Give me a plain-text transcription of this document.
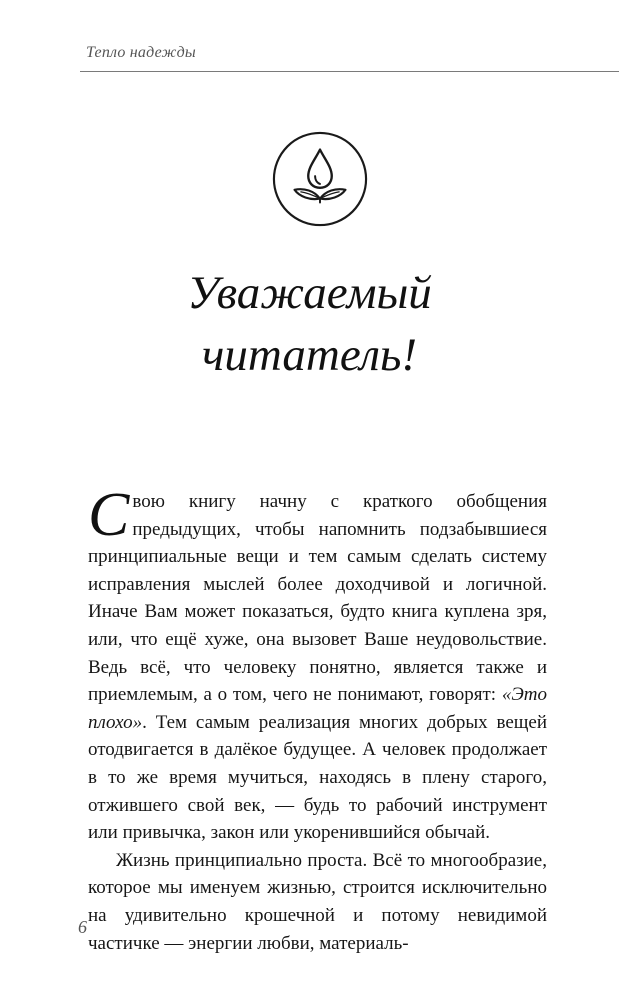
Тепло надежды
Уважаемый
читатель!

Свою книгу начну с краткого обобщения предыдущих, чтобы напомнить подзабывшиеся принципиальные вещи и тем самым сделать систему исправления мыслей более доходчивой и логичной. Иначе Вам может показаться, будто книга куплена зря, или, что ещё хуже, она вызовет Ваше неудовольствие. Ведь всё, что человеку понятно, является также и приемлемым, а о том, чего не понимают, говорят: «Это плохо». Тем самым реализация многих добрых вещей отодвигается в далёкое будущее. А человек продолжает в то же время мучиться, находясь в плену старого, отжившего свой век, — будь то рабочий инструмент или привычка, закон или укоренившийся обычай.

Жизнь принципиально проста. Всё то многообразие, которое мы именуем жизнью, строится исключительно на удивительно крошечной и потому невидимой частичке — энергии любви, материаль-

6
